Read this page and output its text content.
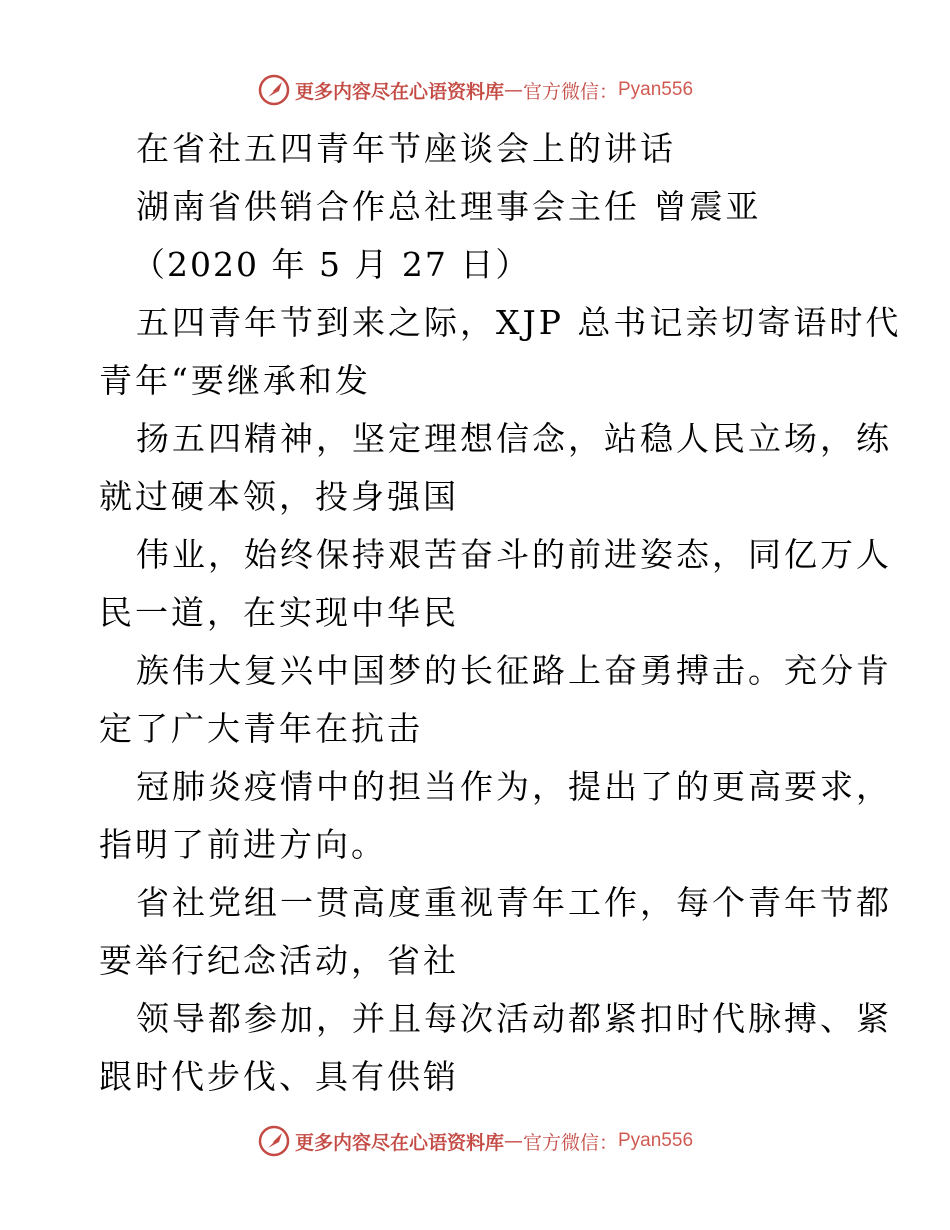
更多内容尽在心语资料库 — 官方微信： Pyan556
在省社五四青年节座谈会上的讲话
湖南省供销合作总社理事会主任 曾震亚
（2020 年 5 月 27 日）
五四青年节到来之际，XJP 总书记亲切寄语时代
青年“要继承和发
扬五四精神，坚定理想信念，站稳人民立场，练
就过硬本领，投身强国
伟业，始终保持艰苦奋斗的前进姿态，同亿万人
民一道，在实现中华民
族伟大复兴中国梦的长征路上奋勇搏击。充分肯
定了广大青年在抗击
冠肺炎疫情中的担当作为，提出了的更高要求，
指明了前进方向。
省社党组一贯高度重视青年工作，每个青年节都
要举行纪念活动，省社
领导都参加，并且每次活动都紧扣时代脉搏、紧
跟时代步伐、具有供销
更多内容尽在心语资料库 — 官方微信： Pyan556
